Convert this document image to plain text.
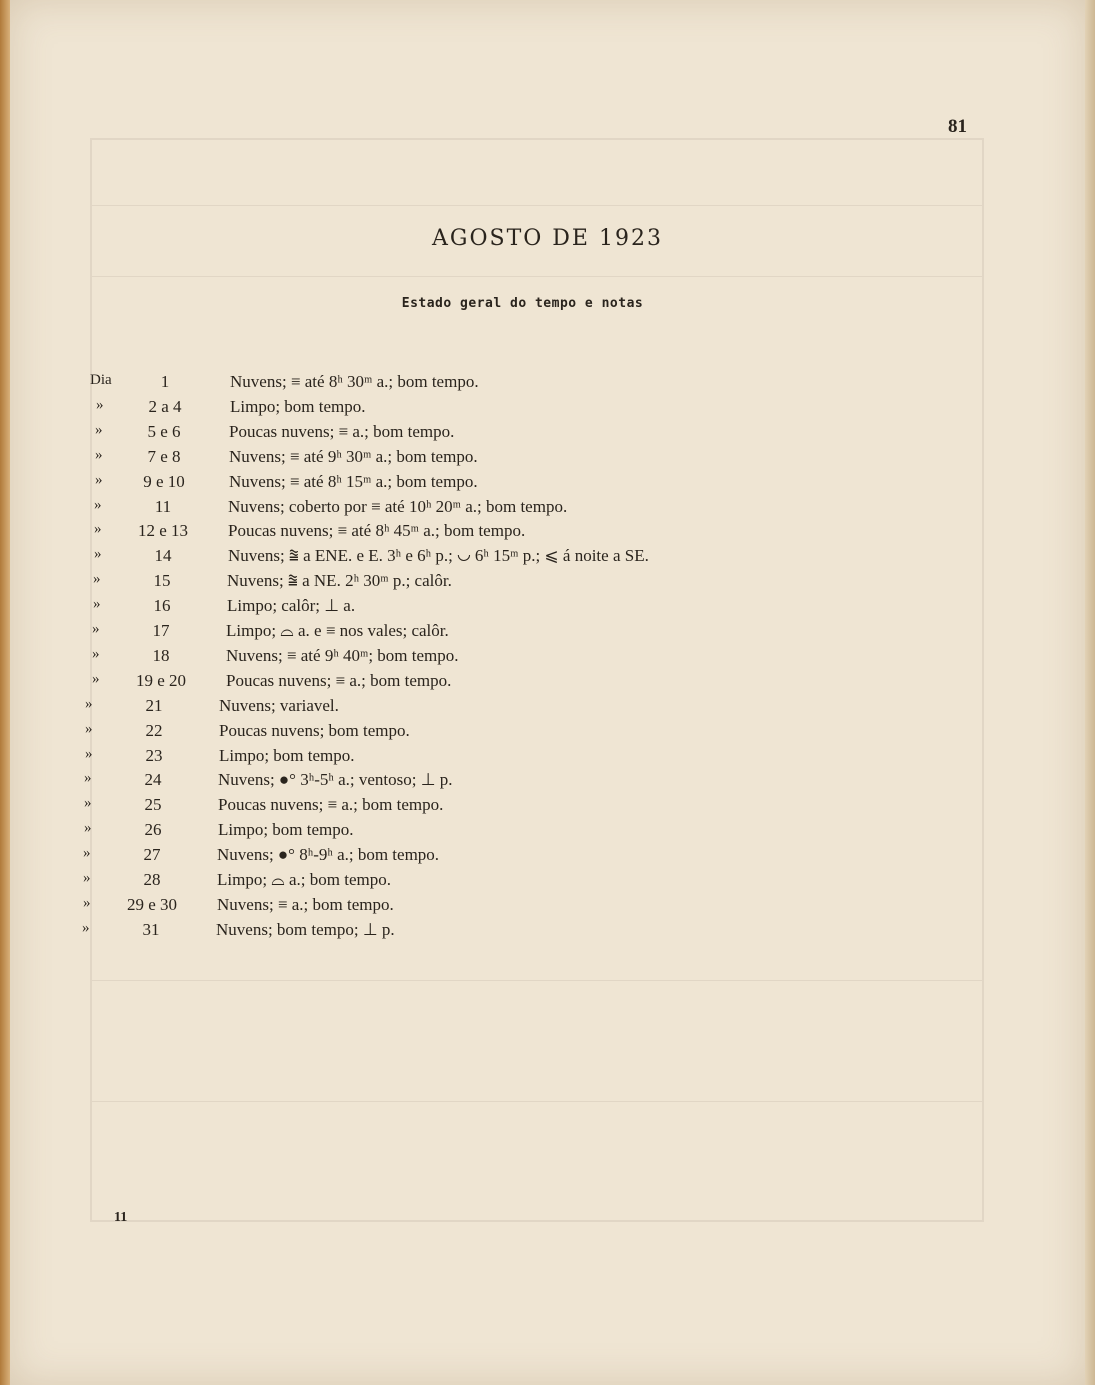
81
AGOSTO DE 1923
Estado geral do tempo e notas
Dia	1	Nuvens; ≡ até 8ʰ 30ᵐ a.; bom tempo.
»	2 a 4	Limpo; bom tempo.
»	5 e 6	Poucas nuvens; ≡ a.; bom tempo.
»	7 e 8	Nuvens; ≡ até 9ʰ 30ᵐ a.; bom tempo.
»	9 e 10	Nuvens; ≡ até 8ʰ 15ᵐ a.; bom tempo.
»	11	Nuvens; coberto por ≡ até 10ʰ 20ᵐ a.; bom tempo.
»	12 e 13	Poucas nuvens; ≡ até 8ʰ 45ᵐ a.; bom tempo.
»	14	Nuvens; ⩰ a ENE. e E. 3ʰ e 6ʰ p.; ◡ 6ʰ 15ᵐ p.; ⩽ á noite a SE.
»	15	Nuvens; ⩰ a NE. 2ʰ 30ᵐ p.; calôr.
»	16	Limpo; calôr; ⊥ a.
»	17	Limpo; ⌓ a. e ≡ nos vales; calôr.
»	18	Nuvens; ≡ até 9ʰ 40ᵐ; bom tempo.
»	19 e 20	Poucas nuvens; ≡ a.; bom tempo.
»	21	Nuvens; variavel.
»	22	Poucas nuvens; bom tempo.
»	23	Limpo; bom tempo.
»	24	Nuvens; ●° 3ʰ-5ʰ a.; ventoso; ⊥ p.
»	25	Poucas nuvens; ≡ a.; bom tempo.
»	26	Limpo; bom tempo.
»	27	Nuvens; ●° 8ʰ-9ʰ a.; bom tempo.
»	28	Limpo; ⌓ a.; bom tempo.
»	29 e 30	Nuvens; ≡ a.; bom tempo.
»	31	Nuvens; bom tempo; ⊥ p.
11
